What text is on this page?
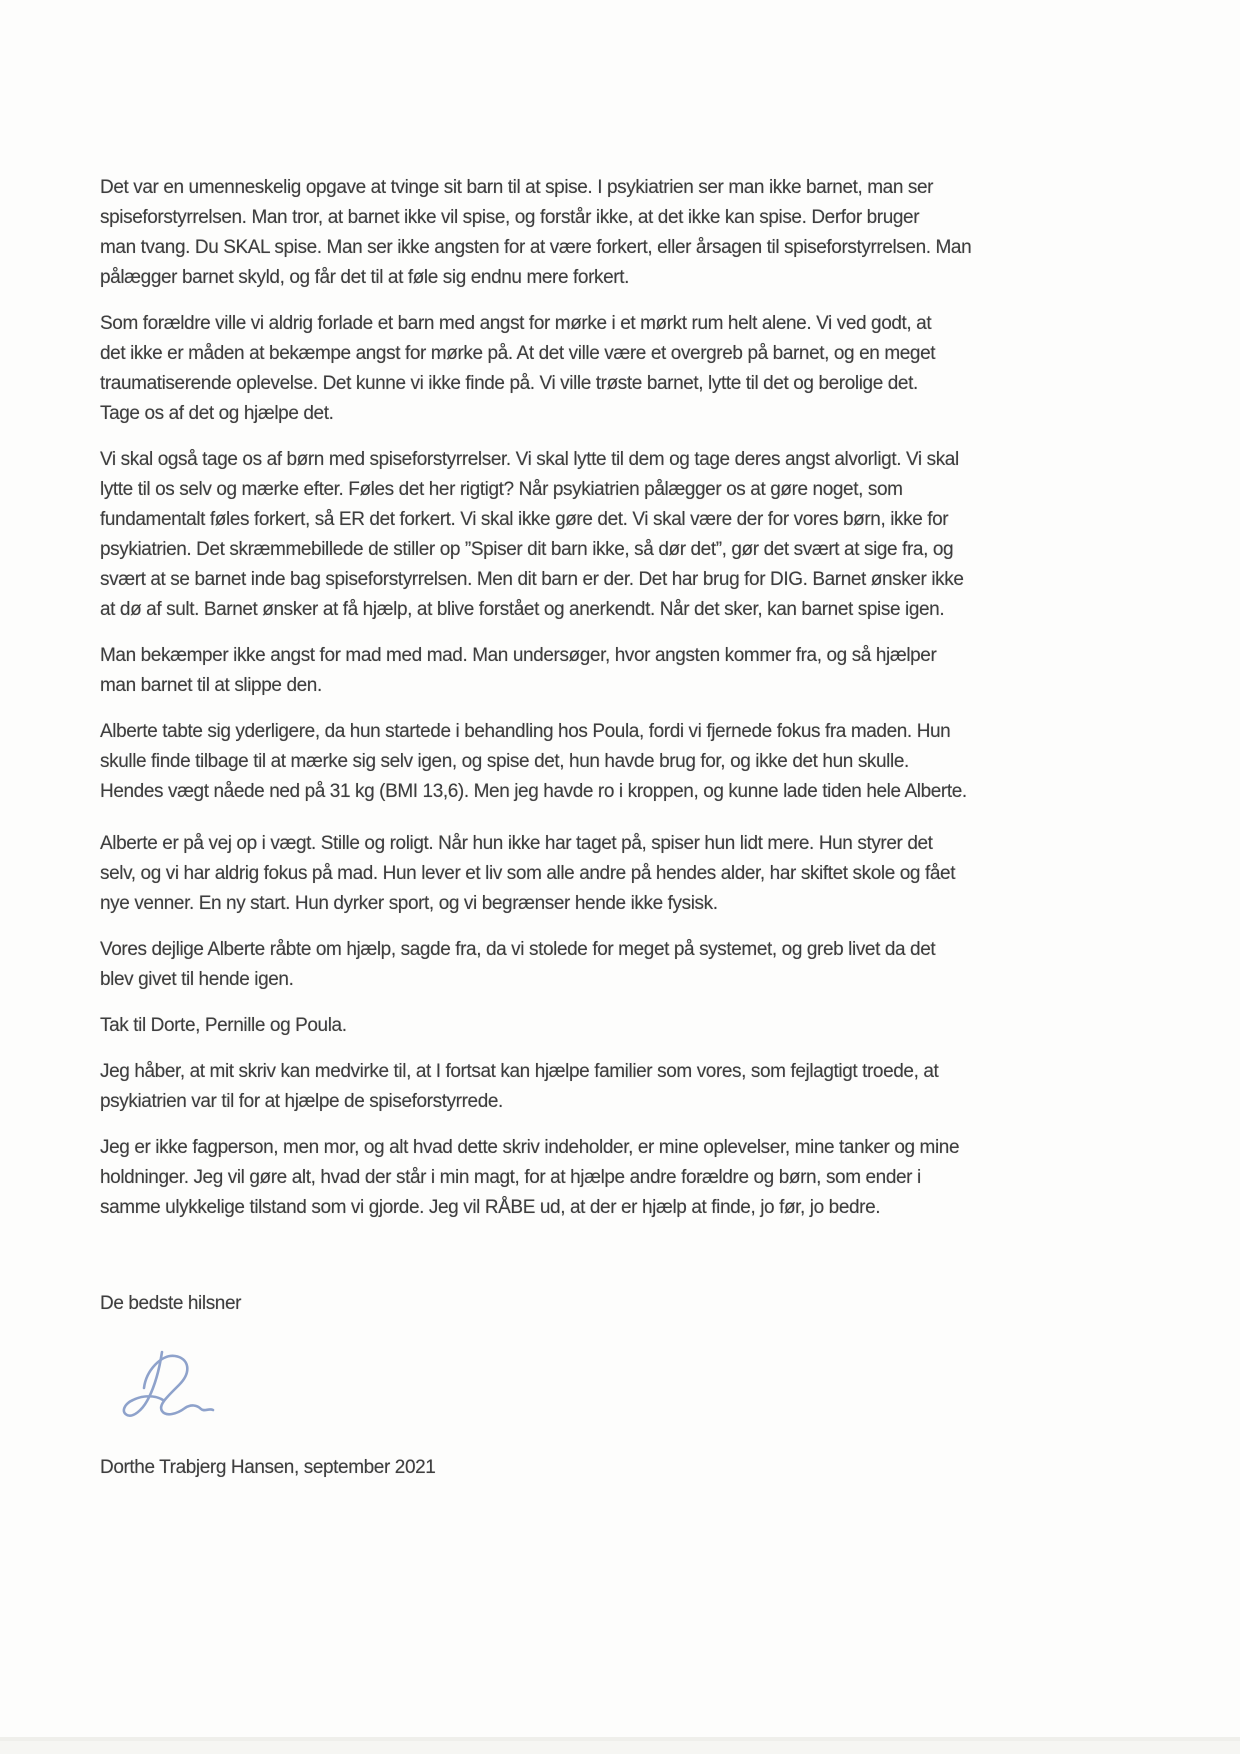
Det var en umenneskelig opgave at tvinge sit barn til at spise. I psykiatrien ser man ikke barnet, man ser
spiseforstyrrelsen. Man tror, at barnet ikke vil spise, og forstår ikke, at det ikke kan spise. Derfor bruger
man tvang. Du SKAL spise. Man ser ikke angsten for at være forkert, eller årsagen til spiseforstyrrelsen. Man
pålægger barnet skyld, og får det til at føle sig endnu mere forkert.

Som forældre ville vi aldrig forlade et barn med angst for mørke i et mørkt rum helt alene. Vi ved godt, at
det ikke er måden at bekæmpe angst for mørke på. At det ville være et overgreb på barnet, og en meget
traumatiserende oplevelse. Det kunne vi ikke finde på. Vi ville trøste barnet, lytte til det og berolige det.
Tage os af det og hjælpe det.

Vi skal også tage os af børn med spiseforstyrrelser. Vi skal lytte til dem og tage deres angst alvorligt. Vi skal
lytte til os selv og mærke efter. Føles det her rigtigt? Når psykiatrien pålægger os at gøre noget, som
fundamentalt føles forkert, så ER det forkert. Vi skal ikke gøre det. Vi skal være der for vores børn, ikke for
psykiatrien. Det skræmmebillede de stiller op ”Spiser dit barn ikke, så dør det”, gør det svært at sige fra, og
svært at se barnet inde bag spiseforstyrrelsen. Men dit barn er der. Det har brug for DIG. Barnet ønsker ikke
at dø af sult. Barnet ønsker at få hjælp, at blive forstået og anerkendt. Når det sker, kan barnet spise igen.

Man bekæmper ikke angst for mad med mad. Man undersøger, hvor angsten kommer fra, og så hjælper
man barnet til at slippe den.

Alberte tabte sig yderligere, da hun startede i behandling hos Poula, fordi vi fjernede fokus fra maden. Hun
skulle finde tilbage til at mærke sig selv igen, og spise det, hun havde brug for, og ikke det hun skulle.
Hendes vægt nåede ned på 31 kg (BMI 13,6). Men jeg havde ro i kroppen, og kunne lade tiden hele Alberte.

Alberte er på vej op i vægt. Stille og roligt. Når hun ikke har taget på, spiser hun lidt mere. Hun styrer det
selv, og vi har aldrig fokus på mad. Hun lever et liv som alle andre på hendes alder, har skiftet skole og fået
nye venner. En ny start. Hun dyrker sport, og vi begrænser hende ikke fysisk.

Vores dejlige Alberte råbte om hjælp, sagde fra, da vi stolede for meget på systemet, og greb livet da det
blev givet til hende igen.

Tak til Dorte, Pernille og Poula.

Jeg håber, at mit skriv kan medvirke til, at I fortsat kan hjælpe familier som vores, som fejlagtigt troede, at
psykiatrien var til for at hjælpe de spiseforstyrrede.

Jeg er ikke fagperson, men mor, og alt hvad dette skriv indeholder, er mine oplevelser, mine tanker og mine
holdninger. Jeg vil gøre alt, hvad der står i min magt, for at hjælpe andre forældre og børn, som ender i
samme ulykkelige tilstand som vi gjorde. Jeg vil RÅBE ud, at der er hjælp at finde, jo før, jo bedre.

De bedste hilsner
Dorthe Trabjerg Hansen, september 2021
